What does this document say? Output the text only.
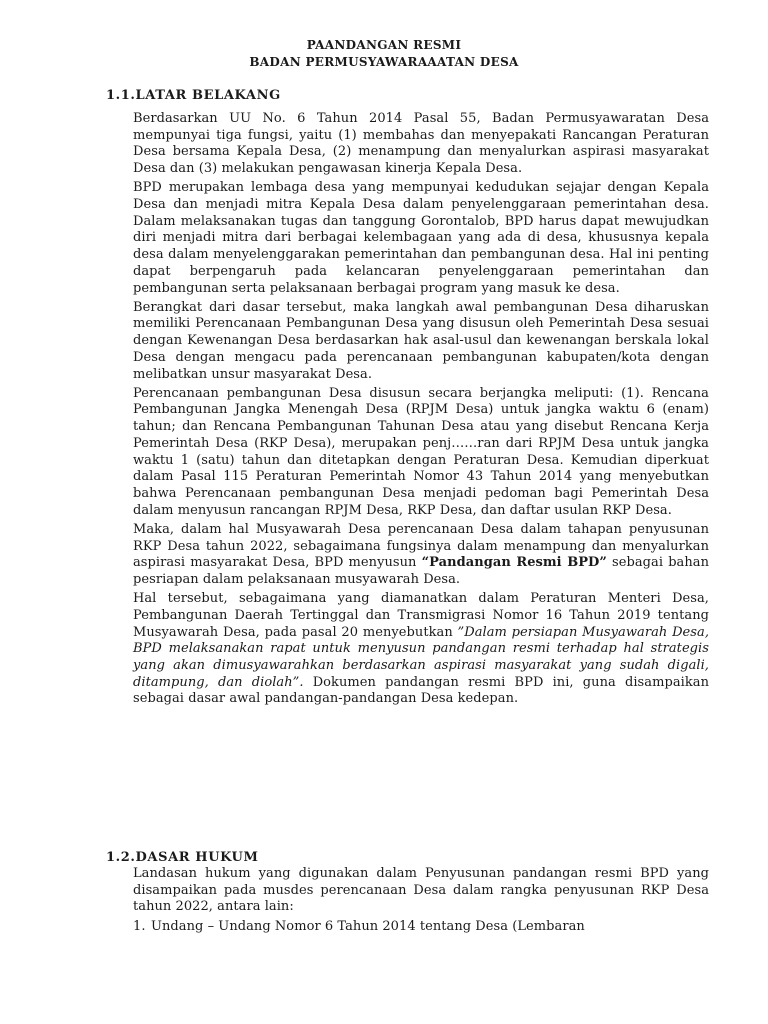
PAANDANGAN RESMI
BADAN PERMUSYAWARAAATAN DESA
1.1.LATAR BELAKANG

Berdasarkan UU No. 6 Tahun 2014 Pasal 55, Badan Permusyawaratan Desa mempunyai tiga fungsi, yaitu (1) membahas dan menyepakati Rancangan Peraturan Desa bersama Kepala Desa, (2) menampung dan menyalurkan aspirasi masyarakat Desa dan (3) melakukan pengawasan kinerja Kepala Desa.

BPD merupakan lembaga desa yang mempunyai kedudukan sejajar dengan Kepala Desa dan menjadi mitra Kepala Desa dalam penyelenggaraan pemerintahan desa. Dalam melaksanakan tugas dan tanggung Gorontalob, BPD harus dapat mewujudkan diri menjadi mitra dari berbagai kelembagaan yang ada di desa, khususnya kepala desa dalam menyelenggarakan pemerintahan dan pembangunan desa. Hal ini penting dapat berpengaruh pada kelancaran penyelenggaraan pemerintahan dan pembangunan serta pelaksanaan berbagai program yang masuk ke desa.

Berangkat dari dasar tersebut, maka langkah awal pembangunan Desa diharuskan memiliki Perencanaan Pembangunan Desa yang disusun oleh Pemerintah Desa sesuai dengan Kewenangan Desa berdasarkan hak asal-usul dan kewenangan berskala lokal Desa dengan mengacu pada perencanaan pembangunan kabupaten/kota dengan melibatkan unsur masyarakat Desa.

Perencanaan pembangunan Desa disusun secara berjangka meliputi: (1). Rencana Pembangunan Jangka Menengah Desa (RPJM Desa) untuk jangka waktu 6 (enam) tahun; dan Rencana Pembangunan Tahunan Desa atau yang disebut Rencana Kerja Pemerintah Desa (RKP Desa), merupakan penj……ran dari RPJM Desa untuk jangka waktu 1 (satu) tahun dan ditetapkan dengan Peraturan Desa. Kemudian diperkuat dalam Pasal 115 Peraturan Pemerintah Nomor 43 Tahun 2014 yang menyebutkan bahwa Perencanaan pembangunan Desa menjadi pedoman bagi Pemerintah Desa dalam menyusun rancangan RPJM Desa, RKP Desa, dan daftar usulan RKP Desa.

Maka, dalam hal Musyawarah Desa perencanaan Desa dalam tahapan penyusunan RKP Desa tahun 2022, sebagaimana fungsinya dalam menampung dan menyalurkan aspirasi masyarakat Desa, BPD menyusun “Pandangan Resmi BPD” sebagai bahan pesriapan dalam pelaksanaan musyawarah Desa.

Hal tersebut, sebagaimana yang diamanatkan dalam Peraturan Menteri Desa, Pembangunan Daerah Tertinggal dan Transmigrasi Nomor 16 Tahun 2019 tentang Musyawarah Desa, pada pasal 20 menyebutkan ”Dalam persiapan Musyawarah Desa, BPD melaksanakan rapat untuk menyusun pandangan resmi terhadap hal strategis yang akan dimusyawarahkan berdasarkan aspirasi masyarakat yang sudah digali, ditampung, dan diolah”. Dokumen pandangan resmi BPD ini, guna disampaikan sebagai dasar awal pandangan-pandangan Desa kedepan.

1.2.DASAR HUKUM

Landasan hukum yang digunakan dalam Penyusunan pandangan resmi BPD yang disampaikan pada musdes perencanaan Desa dalam rangka penyusunan RKP Desa tahun 2022, antara lain:

1. Undang – Undang Nomor 6 Tahun 2014 tentang Desa (Lembaran
